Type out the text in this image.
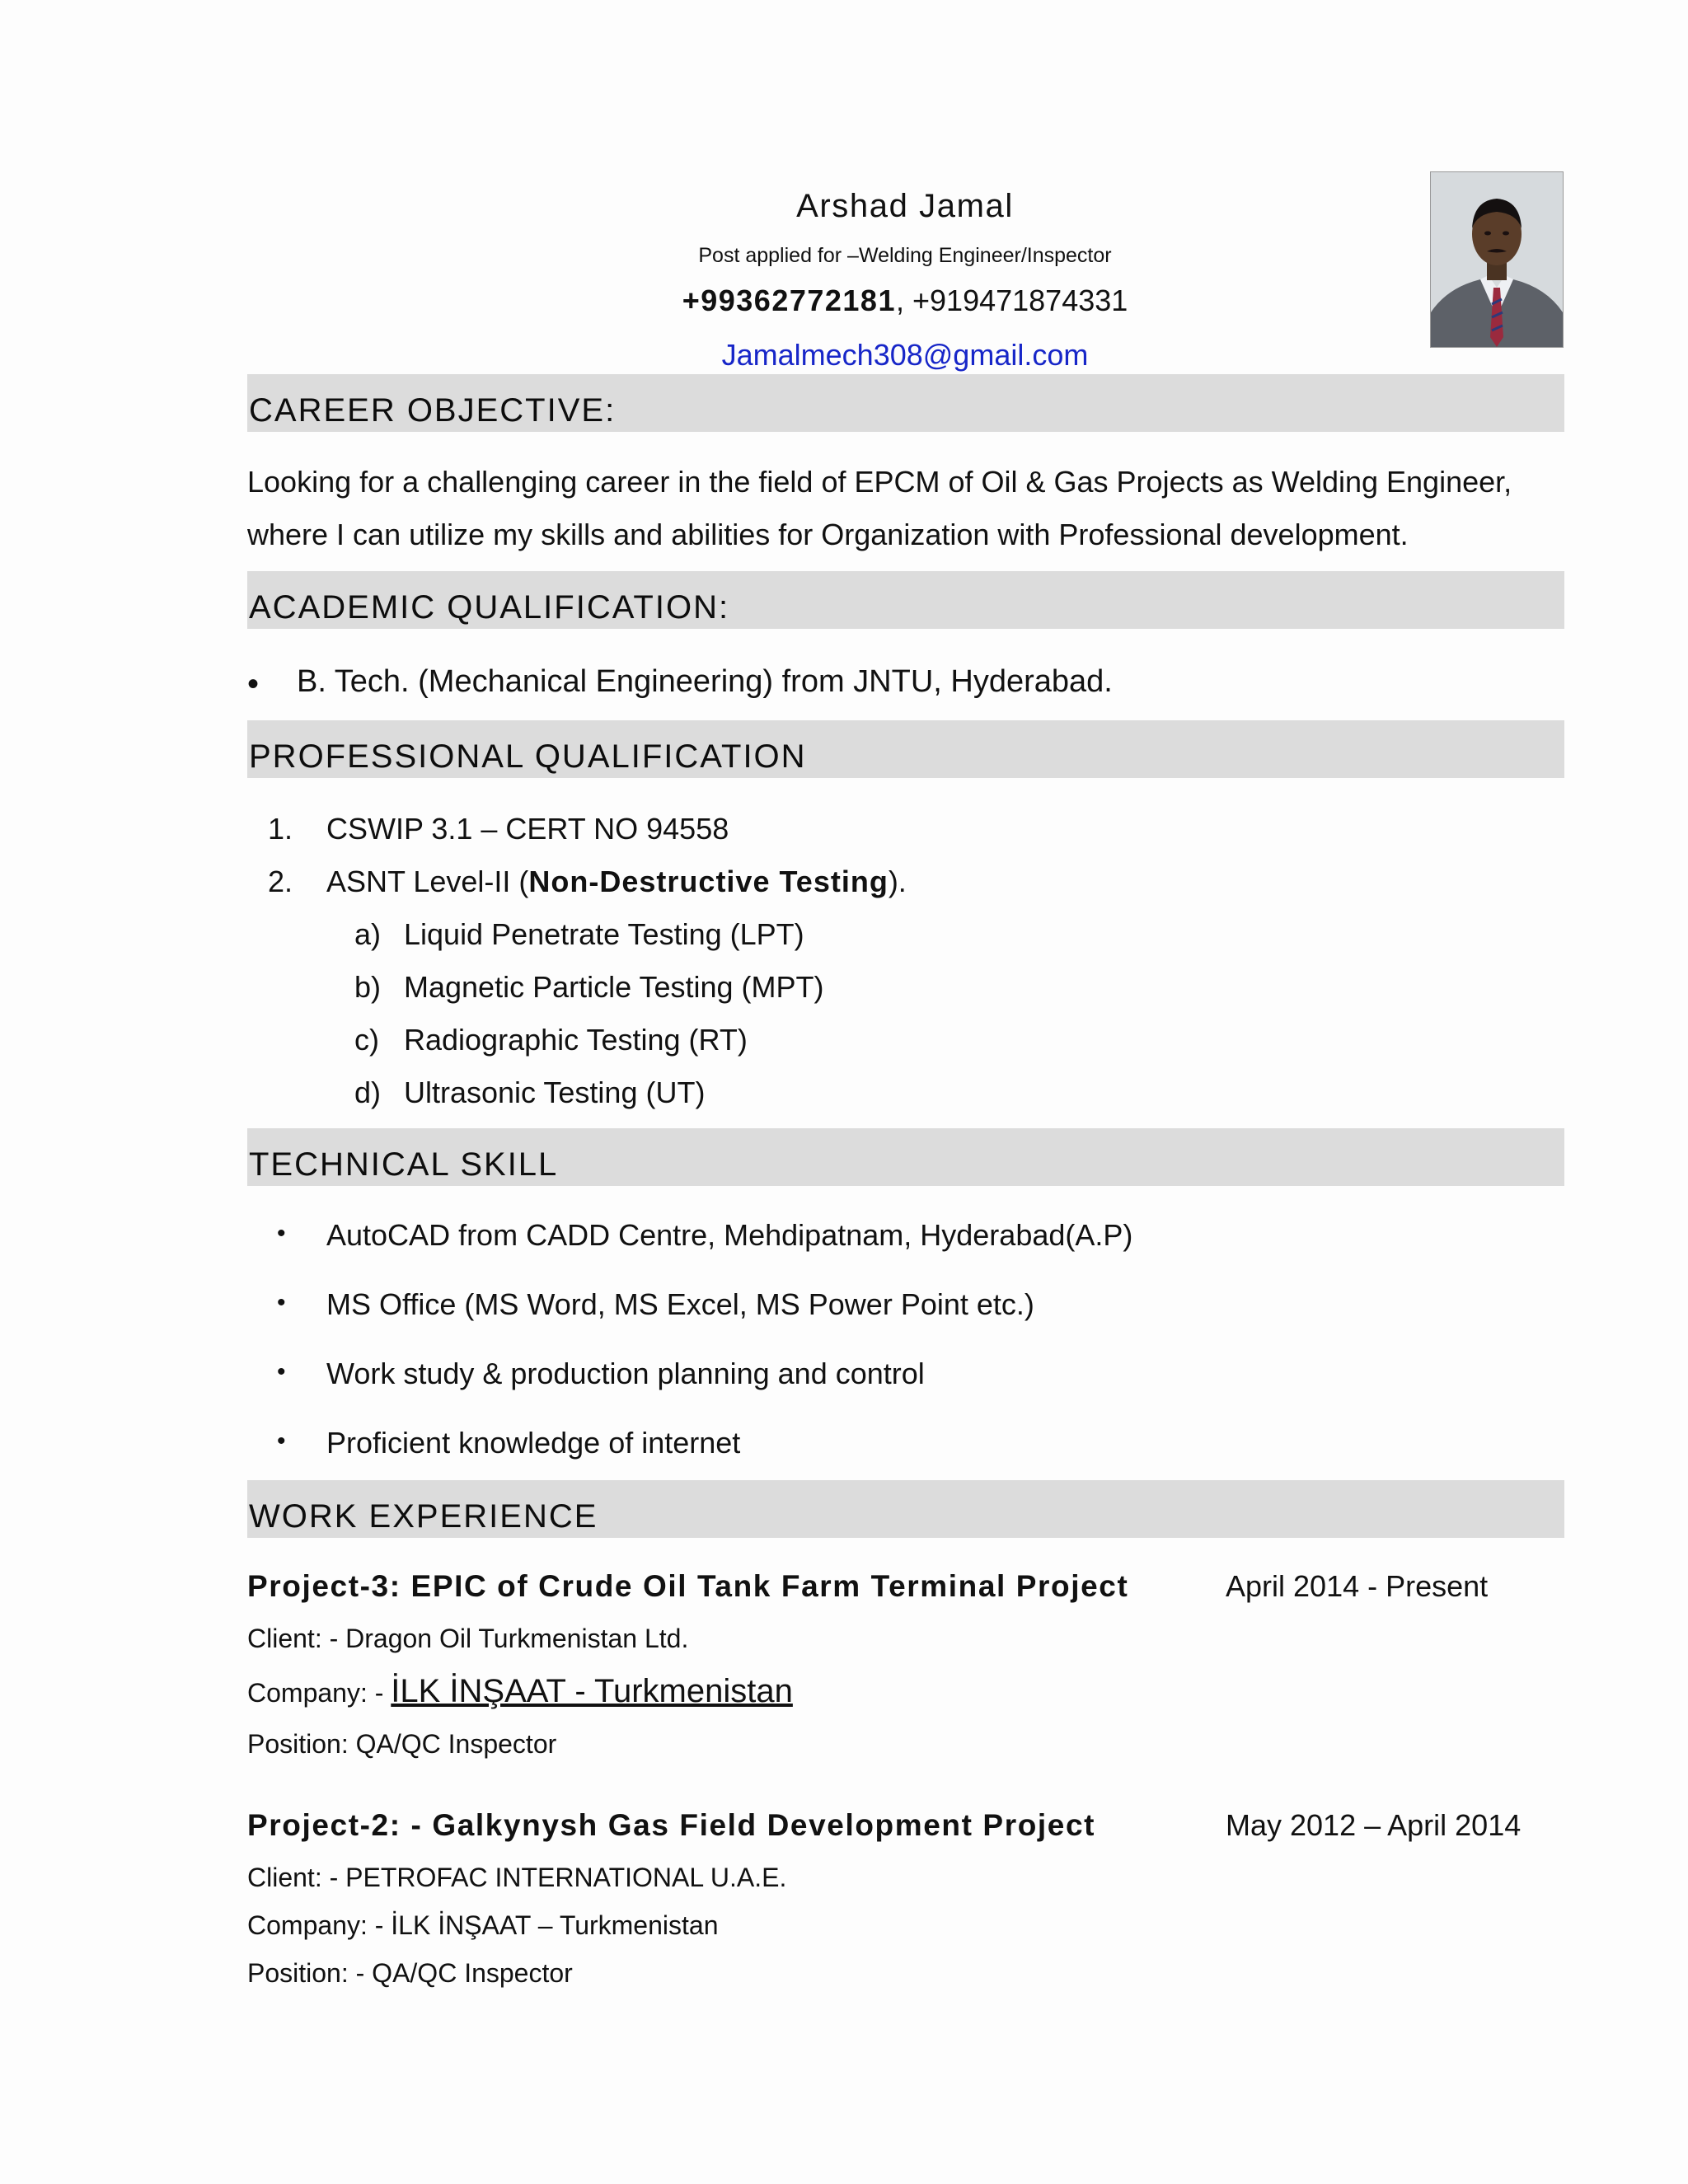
Arshad Jamal
Post applied for –Welding Engineer/Inspector
+99362772181, +919471874331
Jamalmech308@gmail.com
CAREER OBJECTIVE:
Looking for a challenging career in the field of EPCM of Oil & Gas Projects as Welding Engineer,
where I can utilize my skills and abilities for Organization with Professional development.
ACADEMIC QUALIFICATION:
• B. Tech. (Mechanical Engineering) from JNTU, Hyderabad.
PROFESSIONAL QUALIFICATION
1. CSWIP 3.1 – CERT NO 94558
2. ASNT Level-II (Non-Destructive Testing).
a) Liquid Penetrate Testing (LPT)
b) Magnetic Particle Testing (MPT)
c) Radiographic Testing (RT)
d) Ultrasonic Testing (UT)
TECHNICAL SKILL
• AutoCAD from CADD Centre, Mehdipatnam, Hyderabad(A.P)
• MS Office (MS Word, MS Excel, MS Power Point etc.)
• Work study & production planning and control
• Proficient knowledge of internet
WORK EXPERIENCE
Project-3: EPIC of Crude Oil Tank Farm Terminal Project	April 2014 - Present
Client: - Dragon Oil Turkmenistan Ltd.
Company: - İLK İNŞAAT - Turkmenistan
Position: QA/QC Inspector
Project-2: - Galkynysh Gas Field Development Project	May 2012 – April 2014
Client: - PETROFAC INTERNATIONAL U.A.E.
Company: - İLK İNŞAAT – Turkmenistan
Position: - QA/QC Inspector
